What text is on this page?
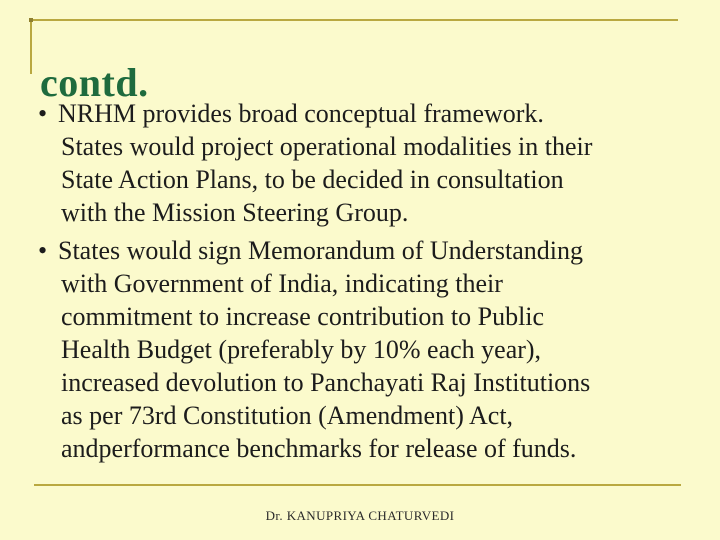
contd.
• NRHM provides broad conceptual framework.
States would project operational modalities in their
State Action Plans, to be decided in consultation
with the Mission Steering Group.
• States would sign Memorandum of Understanding
with Government of India, indicating their
commitment to increase contribution to Public
Health Budget (preferably by 10% each year),
increased devolution to Panchayati Raj Institutions
as per 73rd Constitution (Amendment) Act,
andperformance benchmarks for release of funds.
Dr. KANUPRIYA CHATURVEDI
